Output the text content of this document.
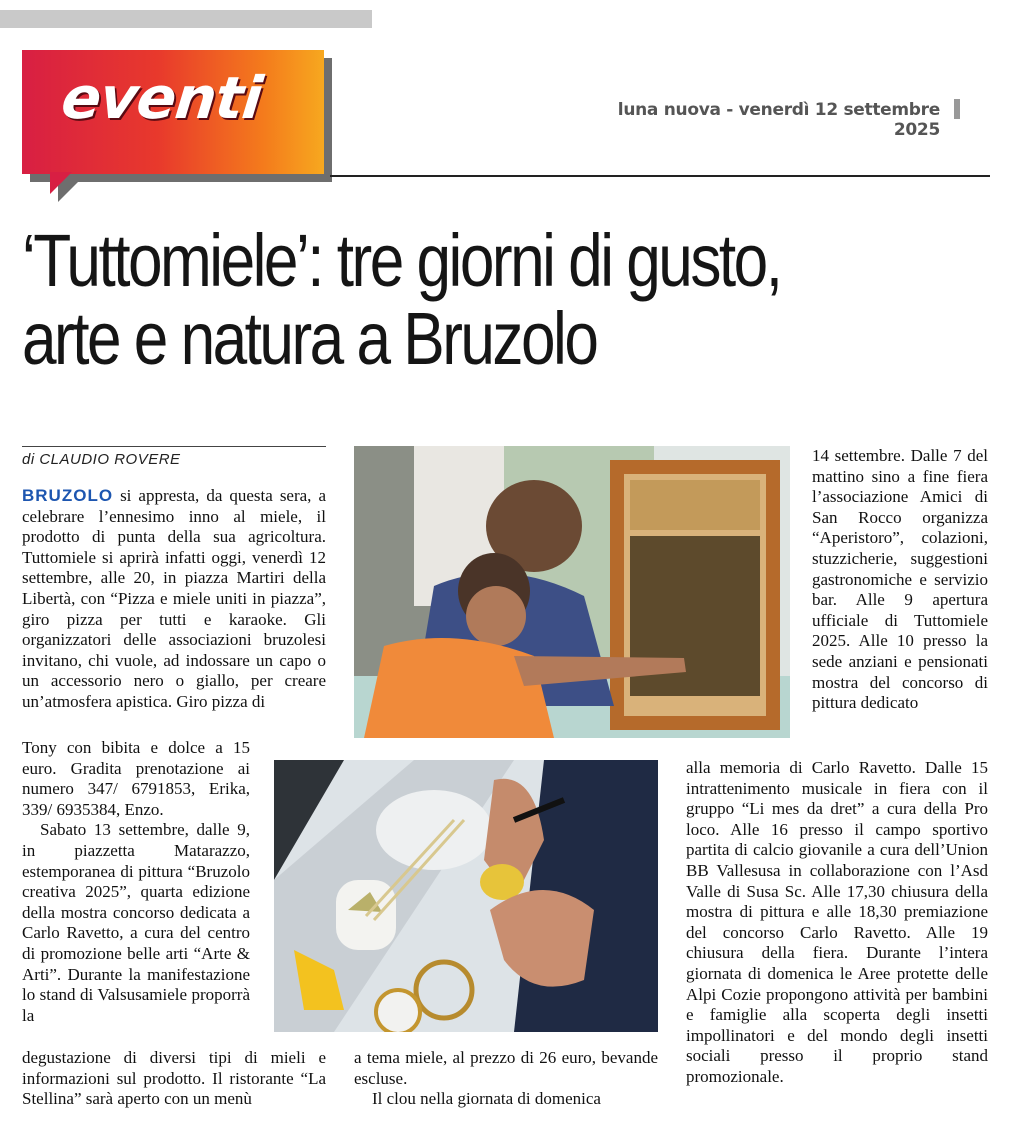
eventi	luna nuova - venerdì 12 settembre 2025
‘Tuttomiele’: tre giorni di gusto,
arte e natura a Bruzolo
di CLAUDIO ROVERE

BRUZOLO si appresta, da questa sera, a celebrare l’ennesimo inno al miele, il prodotto di punta della sua agricoltura. Tuttomiele si aprirà infatti oggi, venerdì 12 settembre, alle 20, in piazza Martiri della Libertà, con “Pizza e miele uniti in piazza”, giro pizza per tutti e karaoke. Gli organizzatori delle associazioni bruzolesi invitano, chi vuole, ad indossare un capo o un accessorio nero o giallo, per creare un’atmosfera apistica. Giro pizza di

Tony con bibita e dolce a 15 euro. Gradita prenotazione ai numero 347/ 6791853, Erika, 339/ 6935384, Enzo.

Sabato 13 settembre, dalle 9, in piazzetta Matarazzo, estemporanea di pittura “Bruzolo creativa 2025”, quarta edizione della mostra concorso dedicata a Carlo Ravetto, a cura del centro di promozione belle arti “Arte & Arti”. Durante la manifestazione lo stand di Valsusamiele proporrà la

degustazione di diversi tipi di mieli e informazioni sul prodotto. Il ristorante “La Stellina” sarà aperto con un menù

a tema miele, al prezzo di 26 euro, bevande escluse.

Il clou nella giornata di domenica

14 settembre. Dalle 7 del mattino sino a fine fiera l’associazione Amici di San Rocco organizza “Aperistoro”, colazioni, stuzzicherie, suggestioni gastronomiche e servizio bar. Alle 9 apertura ufficiale di Tuttomiele 2025. Alle 10 presso la sede anziani e pensionati mostra del concorso di pittura dedicato

alla memoria di Carlo Ravetto. Dalle 15 intrattenimento musicale in fiera con il gruppo “Li mes da dret” a cura della Pro loco. Alle 16 presso il campo sportivo partita di calcio giovanile a cura dell’Union BB Vallesusa in collaborazione con l’Asd Valle di Susa Sc. Alle 17,30 chiusura della mostra di pittura e alle 18,30 premiazione del concorso Carlo Ravetto. Alle 19 chiusura della fiera. Durante l’intera giornata di domenica le Aree protette delle Alpi Cozie propongono attività per bambini e famiglie alla scoperta degli insetti impollinatori e del mondo degli insetti sociali presso il proprio stand promozionale.
